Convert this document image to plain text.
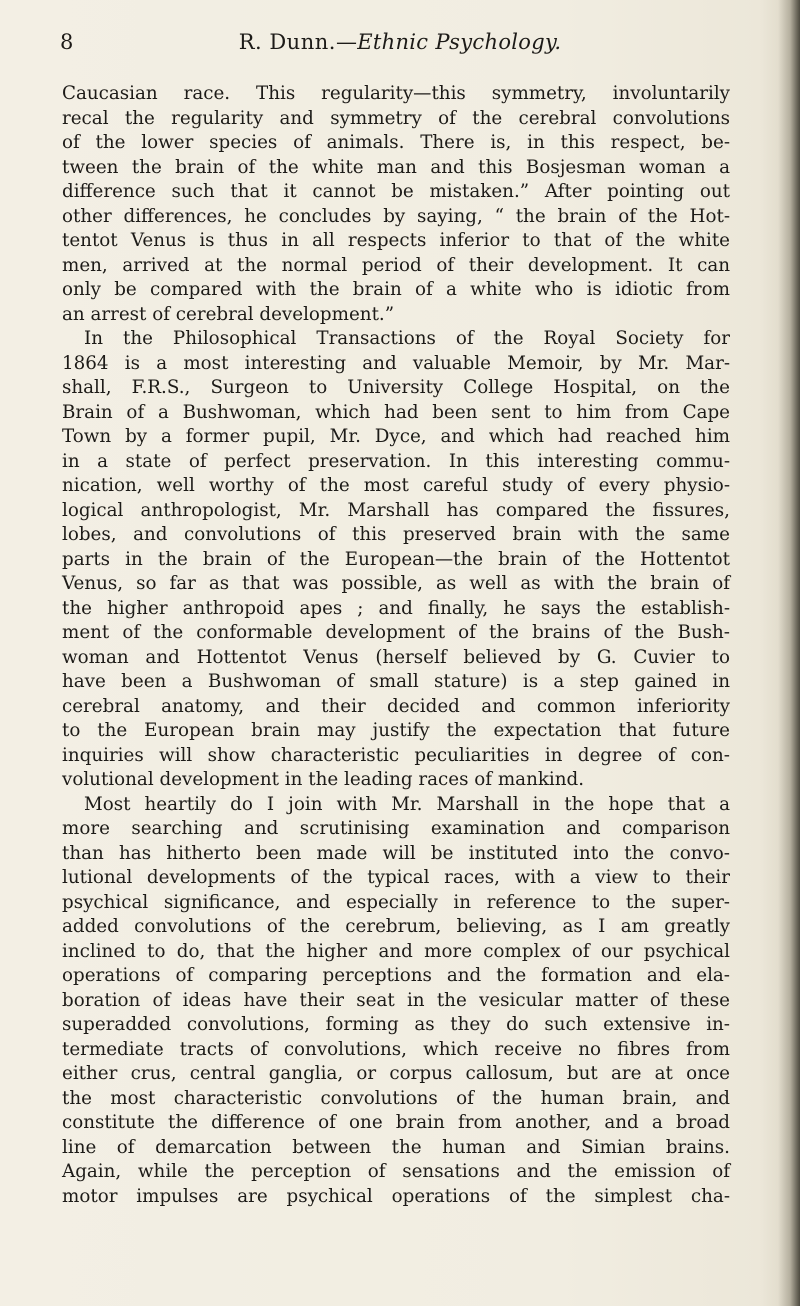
8	R. Dunn.—Ethnic Psychology.
Caucasian race. This regularity—this symmetry, involuntarily
recal the regularity and symmetry of the cerebral convolutions
of the lower species of animals. There is, in this respect, be-
tween the brain of the white man and this Bosjesman woman a
difference such that it cannot be mistaken.” After pointing out
other differences, he concludes by saying, “ the brain of the Hot-
tentot Venus is thus in all respects inferior to that of the white
men, arrived at the normal period of their development. It can
only be compared with the brain of a white who is idiotic from
an arrest of cerebral development.”
In the Philosophical Transactions of the Royal Society for
1864 is a most interesting and valuable Memoir, by Mr. Mar-
shall, F.R.S., Surgeon to University College Hospital, on the
Brain of a Bushwoman, which had been sent to him from Cape
Town by a former pupil, Mr. Dyce, and which had reached him
in a state of perfect preservation. In this interesting commu-
nication, well worthy of the most careful study of every physio-
logical anthropologist, Mr. Marshall has compared the fissures,
lobes, and convolutions of this preserved brain with the same
parts in the brain of the European—the brain of the Hottentot
Venus, so far as that was possible, as well as with the brain of
the higher anthropoid apes ; and finally, he says the establish-
ment of the conformable development of the brains of the Bush-
woman and Hottentot Venus (herself believed by G. Cuvier to
have been a Bushwoman of small stature) is a step gained in
cerebral anatomy, and their decided and common inferiority
to the European brain may justify the expectation that future
inquiries will show characteristic peculiarities in degree of con-
volutional development in the leading races of mankind.
Most heartily do I join with Mr. Marshall in the hope that a
more searching and scrutinising examination and comparison
than has hitherto been made will be instituted into the convo-
lutional developments of the typical races, with a view to their
psychical significance, and especially in reference to the super-
added convolutions of the cerebrum, believing, as I am greatly
inclined to do, that the higher and more complex of our psychical
operations of comparing perceptions and the formation and ela-
boration of ideas have their seat in the vesicular matter of these
superadded convolutions, forming as they do such extensive in-
termediate tracts of convolutions, which receive no fibres from
either crus, central ganglia, or corpus callosum, but are at once
the most characteristic convolutions of the human brain, and
constitute the difference of one brain from another, and a broad
line of demarcation between the human and Simian brains.
Again, while the perception of sensations and the emission of
motor impulses are psychical operations of the simplest cha-
